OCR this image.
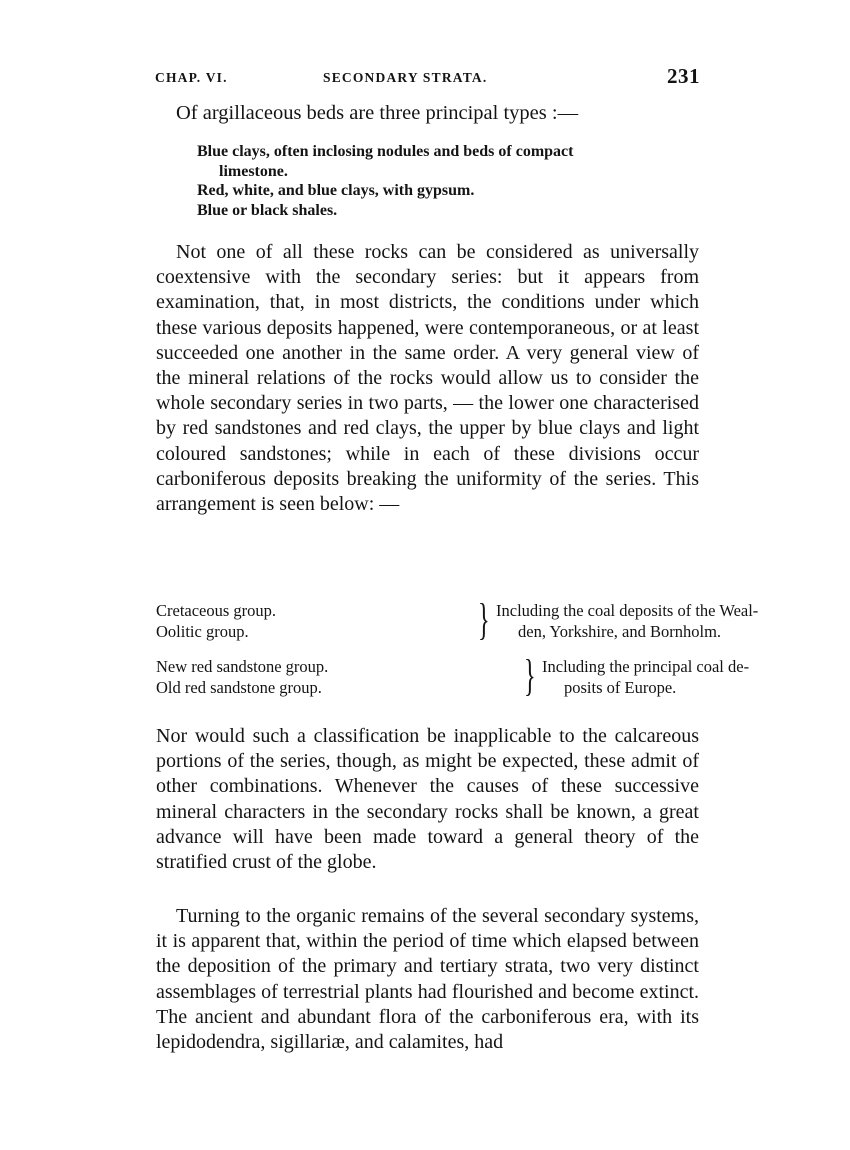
CHAP. VI.	SECONDARY STRATA.	231
Of argillaceous beds are three principal types :—
Blue clays, often inclosing nodules and beds of compact
limestone.
Red, white, and blue clays, with gypsum.
Blue or black shales.

Not one of all these rocks can be considered as universally coextensive with the secondary series: but it appears from examination, that, in most districts, the conditions under which these various deposits happened, were contemporaneous, or at least succeeded one another in the same order. A very general view of the mineral relations of the rocks would allow us to consider the whole secondary series in two parts, — the lower one characterised by red sandstones and red clays, the upper by blue clays and light coloured sandstones; while in each of these divisions occur carboniferous deposits breaking the uniformity of the series. This arrangement is seen below: —

Cretaceous group.
Oolitic group.	} Including the coal deposits of the Weal-
den, Yorkshire, and Bornholm.
New red sandstone group.
Old red sandstone group.	} Including the principal coal de-
posits of Europe.

Nor would such a classification be inapplicable to the calcareous portions of the series, though, as might be expected, these admit of other combinations. Whenever the causes of these successive mineral characters in the secondary rocks shall be known, a great advance will have been made toward a general theory of the stratified crust of the globe.

Turning to the organic remains of the several secondary systems, it is apparent that, within the period of time which elapsed between the deposition of the primary and tertiary strata, two very distinct assemblages of terrestrial plants had flourished and become extinct. The ancient and abundant flora of the carboniferous era, with its lepidodendra, sigillariæ, and calamites, had
